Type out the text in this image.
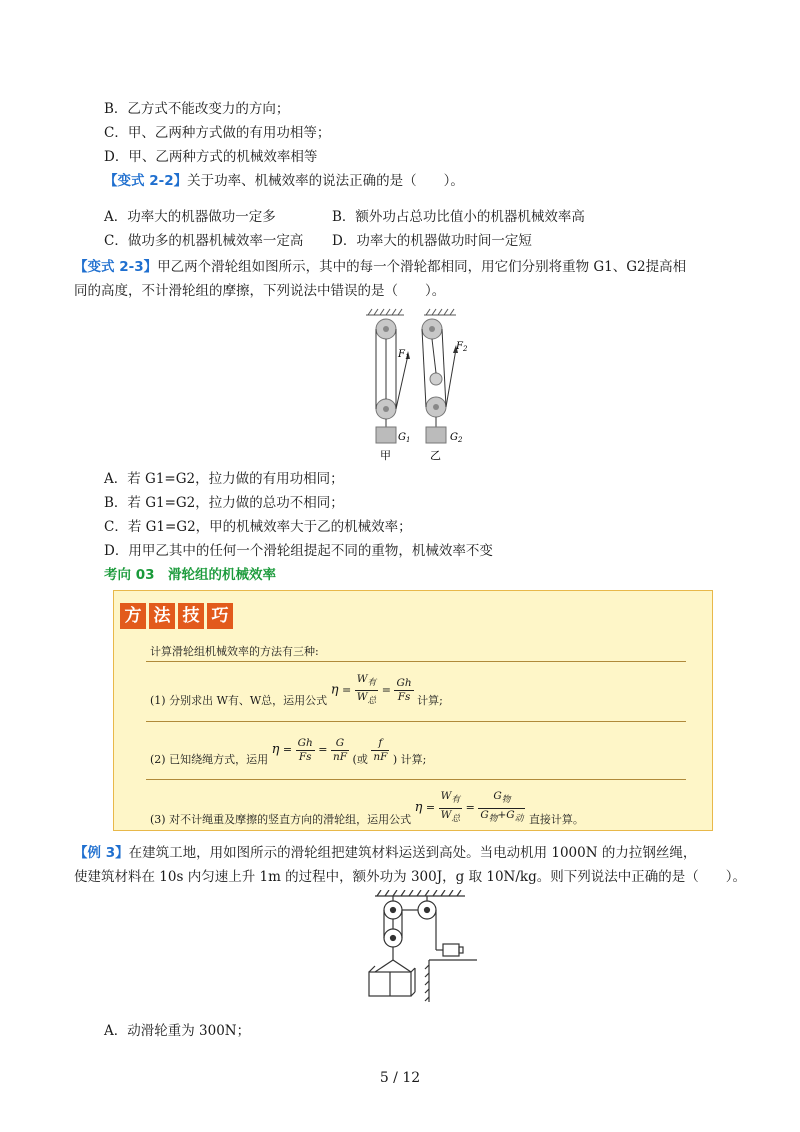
B．乙方式不能改变力的方向；
C．甲、乙两种方式做的有用功相等；
D．甲、乙两种方式的机械效率相等
【变式 2-2】关于功率、机械效率的说法正确的是（　　）。
A．功率大的机器做功一定多	B．额外功占总功比值小的机器机械效率高
C．做功多的机器机械效率一定高 D．功率大的机器做功时间一定短
【变式 2-3】甲乙两个滑轮组如图所示，其中的每一个滑轮都相同，用它们分别将重物 G1、G2提高相
同的高度，不计滑轮组的摩擦，下列说法中错误的是（　　）。
$F_1$
$F_2$
$G_1$	$G_2$
甲	乙
A．若 G1=G2，拉力做的有用功相同；
B．若 G1=G2，拉力做的总功不相同；
C．若 G1=G2，甲的机械效率大于乙的机械效率；
D．用甲乙其中的任何一个滑轮组提起不同的重物，机械效率不变
考向 03　滑轮组的机械效率
方 法 技 巧
计算滑轮组机械效率的方法有三种:
(1) 分别求出 W有、W总，运用公式 $\eta = \frac{W_有}{W_总} = \frac{Gh}{Fs}$ 计算;
(2) 已知绕绳方式，运用 $\eta = \frac{Gh}{Fs} = \frac{G}{nF}$ (或 $\frac{f}{nF}$ ) 计算;
(3) 对不计绳重及摩擦的竖直方向的滑轮组，运用公式 $\eta = \frac{W_有}{W_总} = \frac{G_物}{G_物+G_动}$ 直接计算。
【例 3】在建筑工地，用如图所示的滑轮组把建筑材料运送到高处。当电动机用 1000N 的力拉钢丝绳，
使建筑材料在 10s 内匀速上升 1m 的过程中，额外功为 300J，g 取 10N/kg。则下列说法中正确的是（　　）。
A．动滑轮重为 300N；
5 / 12
